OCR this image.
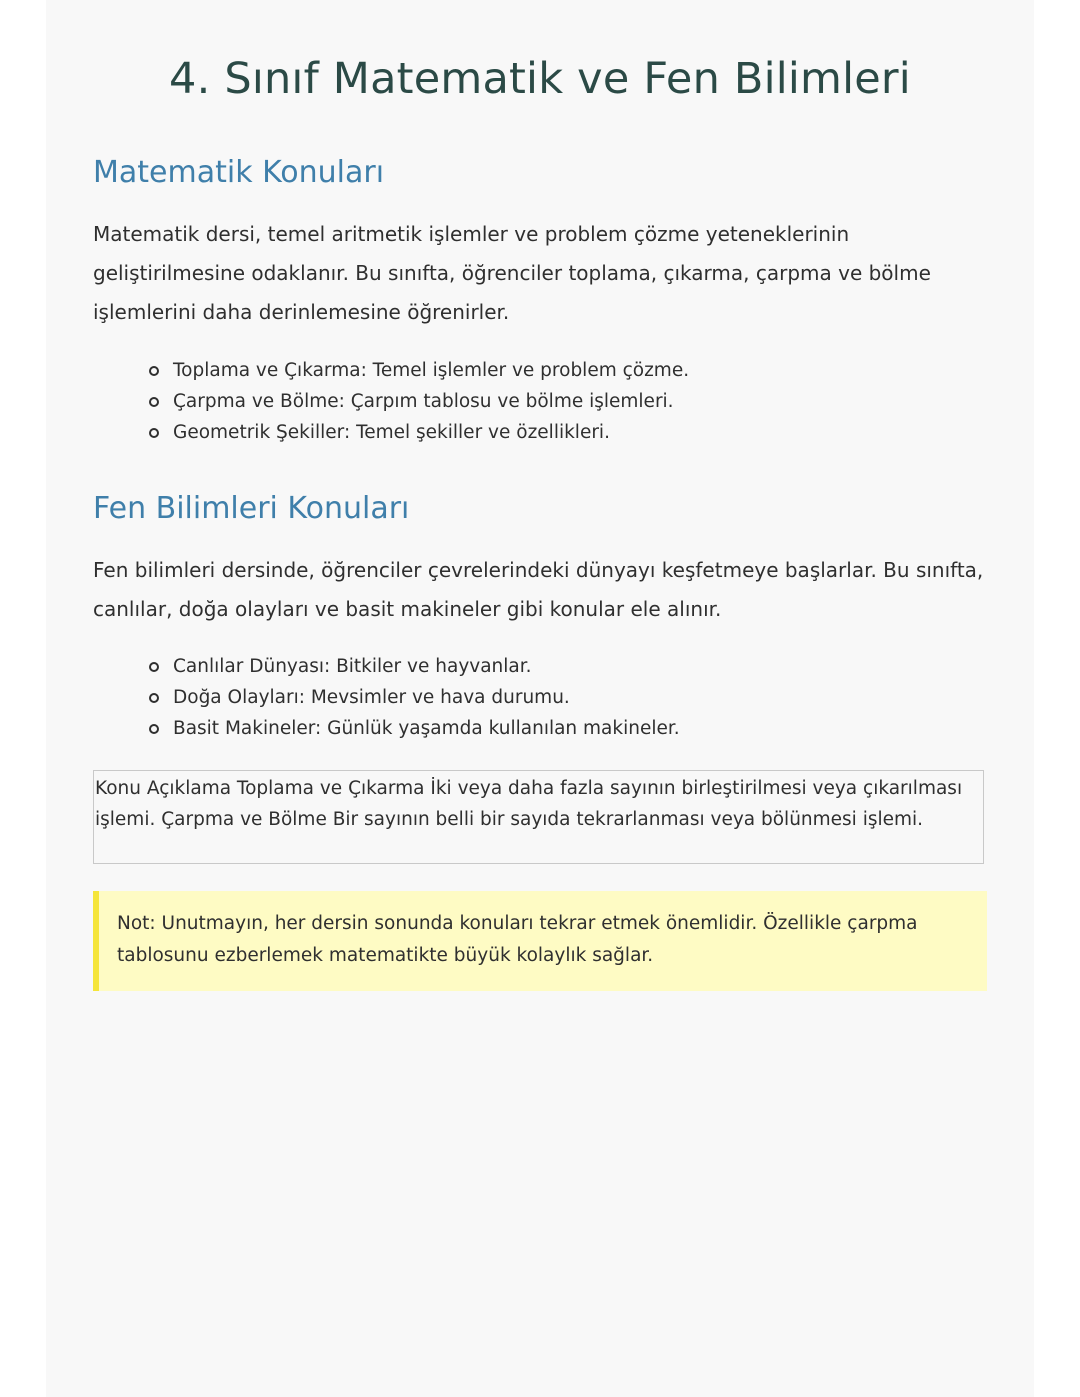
4. Sınıf Matematik ve Fen Bilimleri
Matematik Konuları

Matematik dersi, temel aritmetik işlemler ve problem çözme yeteneklerinin geliştirilmesine odaklanır. Bu sınıfta, öğrenciler toplama, çıkarma, çarpma ve bölme işlemlerini daha derinlemesine öğrenirler.

Toplama ve Çıkarma: Temel işlemler ve problem çözme.
Çarpma ve Bölme: Çarpım tablosu ve bölme işlemleri.
Geometrik Şekiller: Temel şekiller ve özellikleri.
Fen Bilimleri Konuları

Fen bilimleri dersinde, öğrenciler çevrelerindeki dünyayı keşfetmeye başlarlar. Bu sınıfta, canlılar, doğa olayları ve basit makineler gibi konular ele alınır.

Canlılar Dünyası: Bitkiler ve hayvanlar.
Doğa Olayları: Mevsimler ve hava durumu.
Basit Makineler: Günlük yaşamda kullanılan makineler.

Konu Açıklama Toplama ve Çıkarma İki veya daha fazla sayının birleştirilmesi veya çıkarılması işlemi. Çarpma ve Bölme Bir sayının belli bir sayıda tekrarlanması veya bölünmesi işlemi.

Not: Unutmayın, her dersin sonunda konuları tekrar etmek önemlidir. Özellikle çarpma tablosunu ezberlemek matematikte büyük kolaylık sağlar.
